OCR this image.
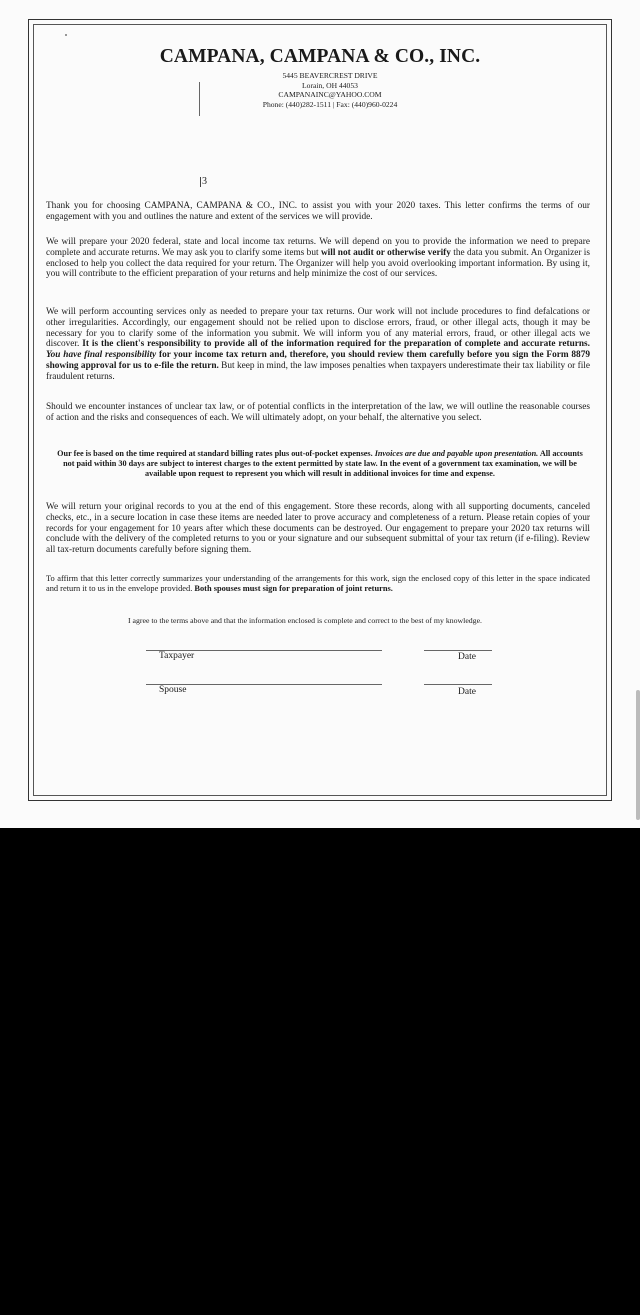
CAMPANA, CAMPANA & CO., INC.
5445 BEAVERCREST DRIVE
Lorain, OH 44053
CAMPANAINC@YAHOO.COM
Phone: (440)282-1511 | Fax: (440)960-0224
3
Thank you for choosing CAMPANA, CAMPANA & CO., INC. to assist you with your 2020 taxes. This letter confirms the terms of our engagement with you and outlines the nature and extent of the services we will provide.
We will prepare your 2020 federal, state and local income tax returns. We will depend on you to provide the information we need to prepare complete and accurate returns. We may ask you to clarify some items but will not audit or otherwise verify the data you submit. An Organizer is enclosed to help you collect the data required for your return. The Organizer will help you avoid overlooking important information. By using it, you will contribute to the efficient preparation of your returns and help minimize the cost of our services.
We will perform accounting services only as needed to prepare your tax returns. Our work will not include procedures to find defalcations or other irregularities. Accordingly, our engagement should not be relied upon to disclose errors, fraud, or other illegal acts, though it may be necessary for you to clarify some of the information you submit. We will inform you of any material errors, fraud, or other illegal acts we discover. It is the client's responsibility to provide all of the information required for the preparation of complete and accurate returns. You have final responsibility for your income tax return and, therefore, you should review them carefully before you sign the Form 8879 showing approval for us to e-file the return. But keep in mind, the law imposes penalties when taxpayers underestimate their tax liability or file fraudulent returns.
Should we encounter instances of unclear tax law, or of potential conflicts in the interpretation of the law, we will outline the reasonable courses of action and the risks and consequences of each. We will ultimately adopt, on your behalf, the alternative you select.
Our fee is based on the time required at standard billing rates plus out-of-pocket expenses. Invoices are due and payable upon presentation. All accounts not paid within 30 days are subject to interest charges to the extent permitted by state law. In the event of a government tax examination, we will be available upon request to represent you which will result in additional invoices for time and expense.
We will return your original records to you at the end of this engagement. Store these records, along with all supporting documents, canceled checks, etc., in a secure location in case these items are needed later to prove accuracy and completeness of a return. Please retain copies of your records for your engagement for 10 years after which these documents can be destroyed. Our engagement to prepare your 2020 tax returns will conclude with the delivery of the completed returns to you or your signature and our subsequent submittal of your tax return (if e-filing). Review all tax-return documents carefully before signing them.
To affirm that this letter correctly summarizes your understanding of the arrangements for this work, sign the enclosed copy of this letter in the space indicated and return it to us in the envelope provided. Both spouses must sign for preparation of joint returns.
I agree to the terms above and that the information enclosed is complete and correct to the best of my knowledge.
Taxpayer	Date
Spouse	Date
